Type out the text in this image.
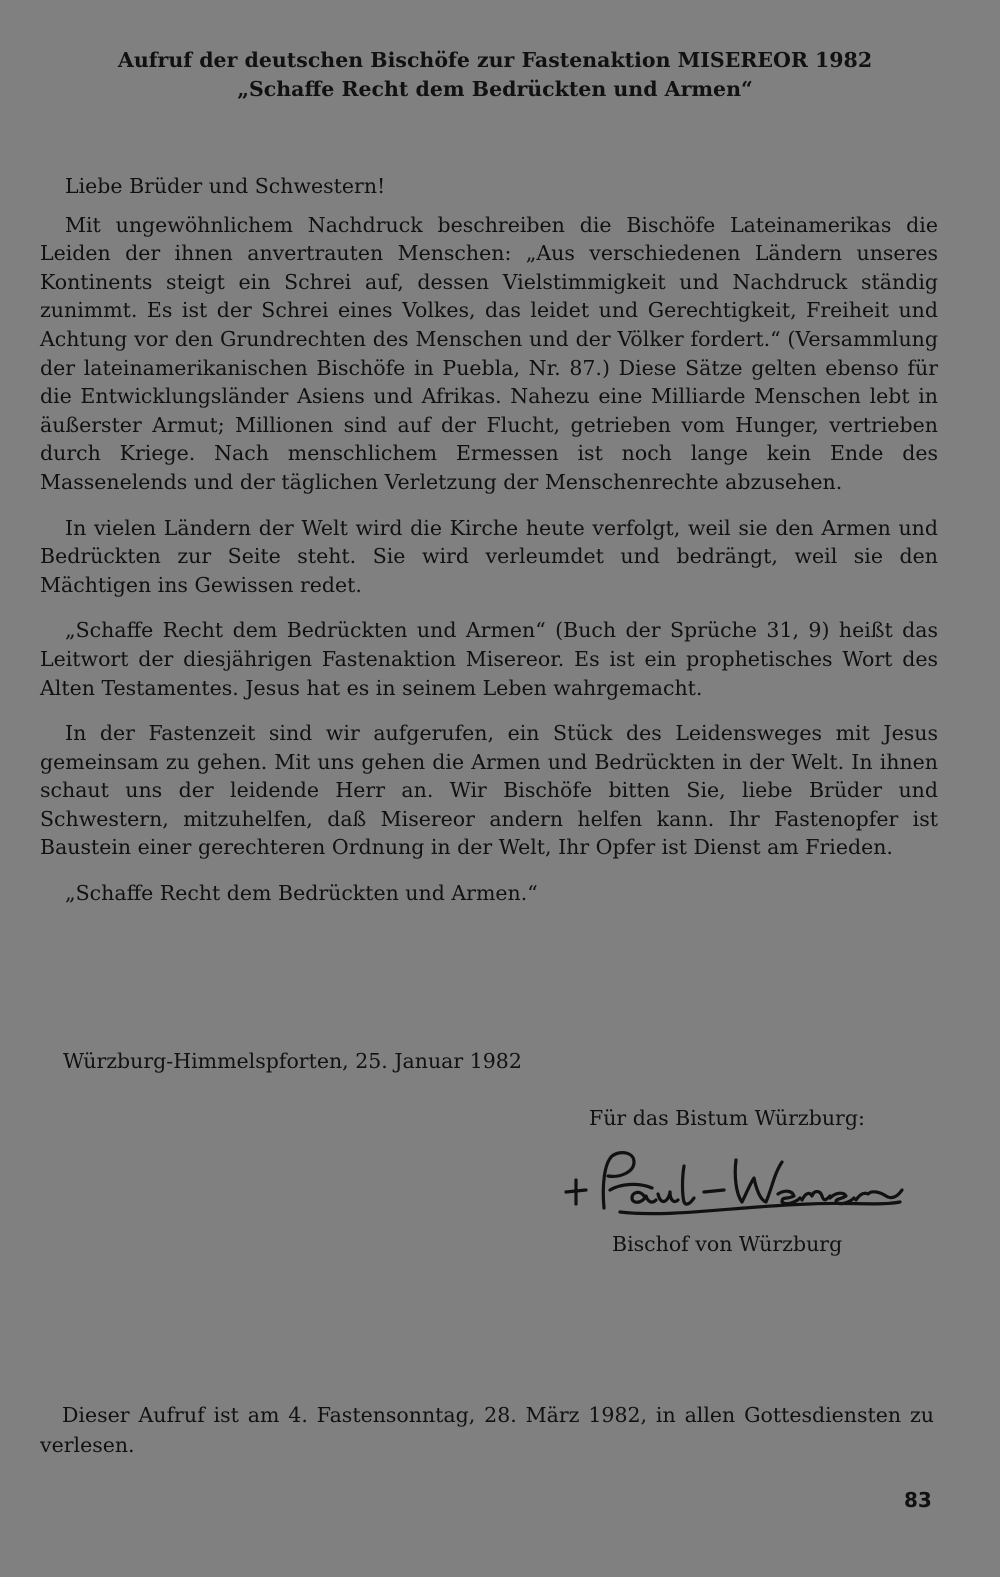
Aufruf der deutschen Bischöfe zur Fastenaktion MISEREOR 1982
„Schaffe Recht dem Bedrückten und Armen“

Liebe Brüder und Schwestern!

Mit ungewöhnlichem Nachdruck beschreiben die Bischöfe Lateinamerikas die Leiden der ihnen anvertrauten Menschen: „Aus verschiedenen Ländern unseres Kontinents steigt ein Schrei auf, dessen Vielstimmigkeit und Nachdruck ständig zunimmt. Es ist der Schrei eines Volkes, das leidet und Gerechtigkeit, Freiheit und Achtung vor den Grundrechten des Menschen und der Völker fordert.“ (Versammlung der lateinamerikanischen Bischöfe in Puebla, Nr. 87.) Diese Sätze gelten ebenso für die Entwicklungsländer Asiens und Afrikas. Nahezu eine Milliarde Menschen lebt in äußerster Armut; Millionen sind auf der Flucht, getrieben vom Hunger, vertrieben durch Kriege. Nach menschlichem Ermessen ist noch lange kein Ende des Massenelends und der täglichen Verletzung der Menschenrechte abzusehen.

In vielen Ländern der Welt wird die Kirche heute verfolgt, weil sie den Armen und Bedrückten zur Seite steht. Sie wird verleumdet und bedrängt, weil sie den Mächtigen ins Gewissen redet.

„Schaffe Recht dem Bedrückten und Armen“ (Buch der Sprüche 31, 9) heißt das Leitwort der diesjährigen Fastenaktion Misereor. Es ist ein prophetisches Wort des Alten Testamentes. Jesus hat es in seinem Leben wahrgemacht.

In der Fastenzeit sind wir aufgerufen, ein Stück des Leidensweges mit Jesus gemeinsam zu gehen. Mit uns gehen die Armen und Bedrückten in der Welt. In ihnen schaut uns der leidende Herr an. Wir Bischöfe bitten Sie, liebe Brüder und Schwestern, mitzuhelfen, daß Misereor andern helfen kann. Ihr Fastenopfer ist Baustein einer gerechteren Ordnung in der Welt, Ihr Opfer ist Dienst am Frieden.

„Schaffe Recht dem Bedrückten und Armen.“

Würzburg-Himmelspforten, 25. Januar 1982
Für das Bistum Würzburg:
Bischof von Würzburg
Dieser Aufruf ist am 4. Fastensonntag, 28. März 1982, in allen Gottesdiensten zu verlesen.
83
